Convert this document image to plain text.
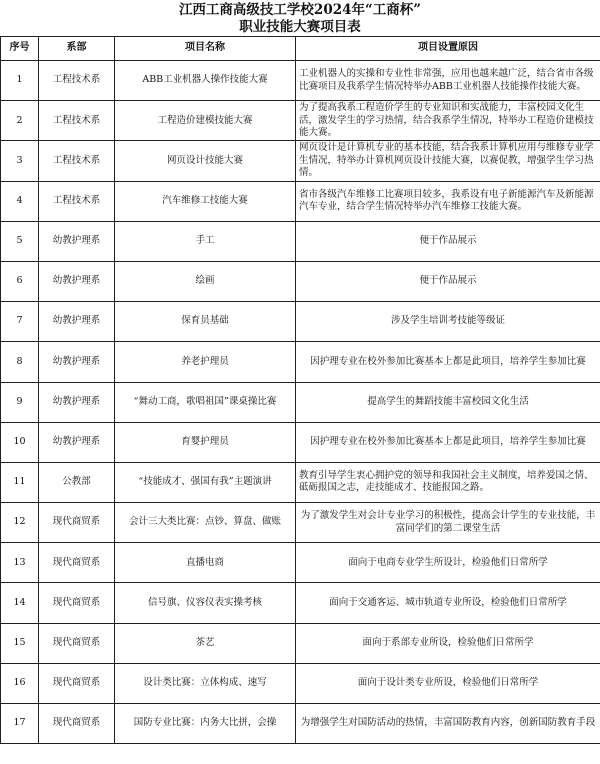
江西工商高级技工学校2024年“工商杯”
职业技能大赛项目表
序号	系部	项目名称	项目设置原因
1	工程技术系	ABB工业机器人操作技能大赛	工业机器人的实操和专业性非常强，应用也越来越广泛，结合省市各级比赛项目及我系学生情况特举办ABB工业机器人技能操作技能大赛。
2	工程技术系	工程造价建模技能大赛	为了提高我系工程造价学生的专业知识和实战能力，丰富校园文化生活，激发学生的学习热情，结合我系学生情况，特举办工程造价建模技能大赛。
3	工程技术系	网页设计技能大赛	网页设计是计算机专业的基本技能，结合我系计算机应用与维修专业学生情况，特举办计算机网页设计技能大赛，以赛促教，增强学生学习热情。
4	工程技术系	汽车维修工技能大赛	省市各级汽车维修工比赛项目较多，我系设有电子新能源汽车及新能源汽车专业，结合学生情况特举办汽车维修工技能大赛。
5	幼教护理系	手工	便于作品展示
6	幼教护理系	绘画	便于作品展示
7	幼教护理系	保育员基础	涉及学生培训考技能等级证
8	幼教护理系	养老护理员	因护理专业在校外参加比赛基本上都是此项目，培养学生参加比赛
9	幼教护理系	“舞动工商，歌唱祖国”课桌操比赛	提高学生的舞蹈技能丰富校园文化生活
10	幼教护理系	育婴护理员	因护理专业在校外参加比赛基本上都是此项目，培养学生参加比赛
11	公教部	“技能成才、强国有我”主题演讲	教育引导学生衷心拥护党的领导和我国社会主义制度，培养爱国之情、砥砺报国之志，走技能成才、技能报国之路。
12	现代商贸系	会计三大类比赛：点钞、算盘、做账	为了激发学生对会计专业学习的积极性，提高会计学生的专业技能，丰富同学们的第二课堂生活
13	现代商贸系	直播电商	面向于电商专业学生所设计，检验他们日常所学
14	现代商贸系	信号旗、仪容仪表实操考核	面向于交通客运、城市轨道专业所设，检验他们日常所学
15	现代商贸系	茶艺	面向于系部专业所设，检验他们日常所学
16	现代商贸系	设计类比赛：立体构成、速写	面向于设计类专业所设，检验他们日常所学
17	现代商贸系	国防专业比赛：内务大比拼，会操	为增强学生对国防活动的热情，丰富国防教育内容，创新国防教育手段
